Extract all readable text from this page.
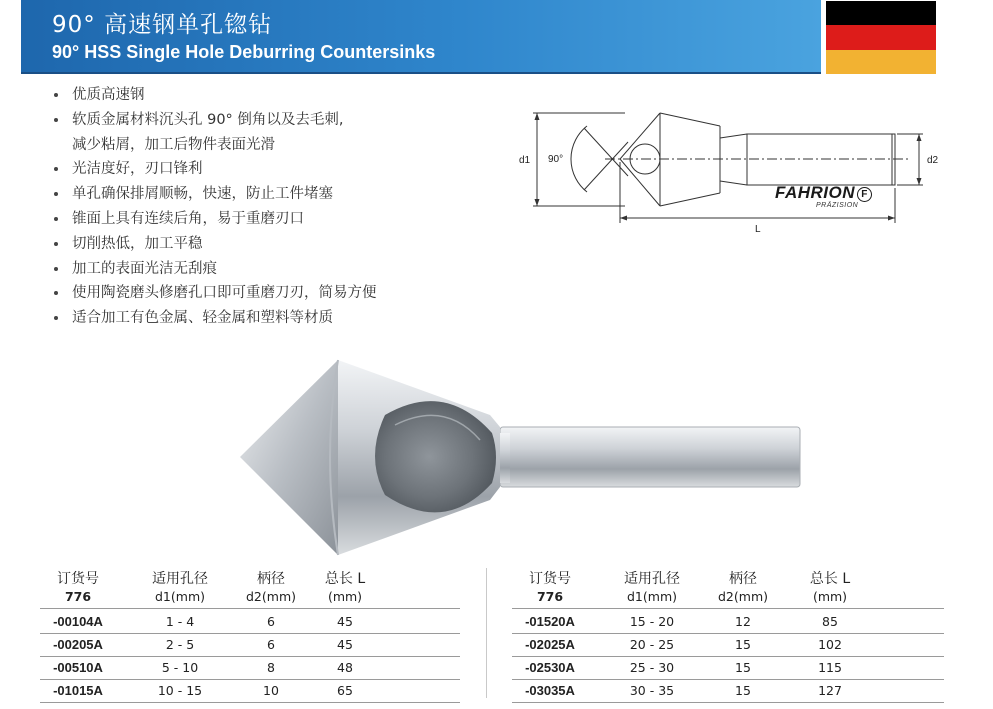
90° 高速钢单孔锪钻
90° HSS Single Hole Deburring Countersinks
优质高速钢
软质金属材料沉头孔 90° 倒角以及去毛刺,
减少粘屑，加工后物件表面光滑
光洁度好，刃口锋利
单孔确保排屑顺畅，快速，防止工件堵塞
锥面上具有连续后角，易于重磨刃口
切削热低，加工平稳
加工的表面光洁无刮痕
使用陶瓷磨头修磨孔口即可重磨刀刃，简易方便
适合加工有色金属、轻金属和塑料等材质
d1 90°	d2
L
FAHRION F
PRÄZISION
订货号
776
适用孔径
d1(mm)
柄径
d2(mm)
总长 L
(mm)
-00104A	1 - 4	6	45
-00205A	2 - 5	6	45
-00510A	5 - 10	8	48
-01015A	10 - 15	10	65
订货号
776
适用孔径
d1(mm)
柄径
d2(mm)
总长 L
(mm)
-01520A	15 - 20	12	85
-02025A	20 - 25	15	102
-02530A	25 - 30	15	115
-03035A	30 - 35	15	127
